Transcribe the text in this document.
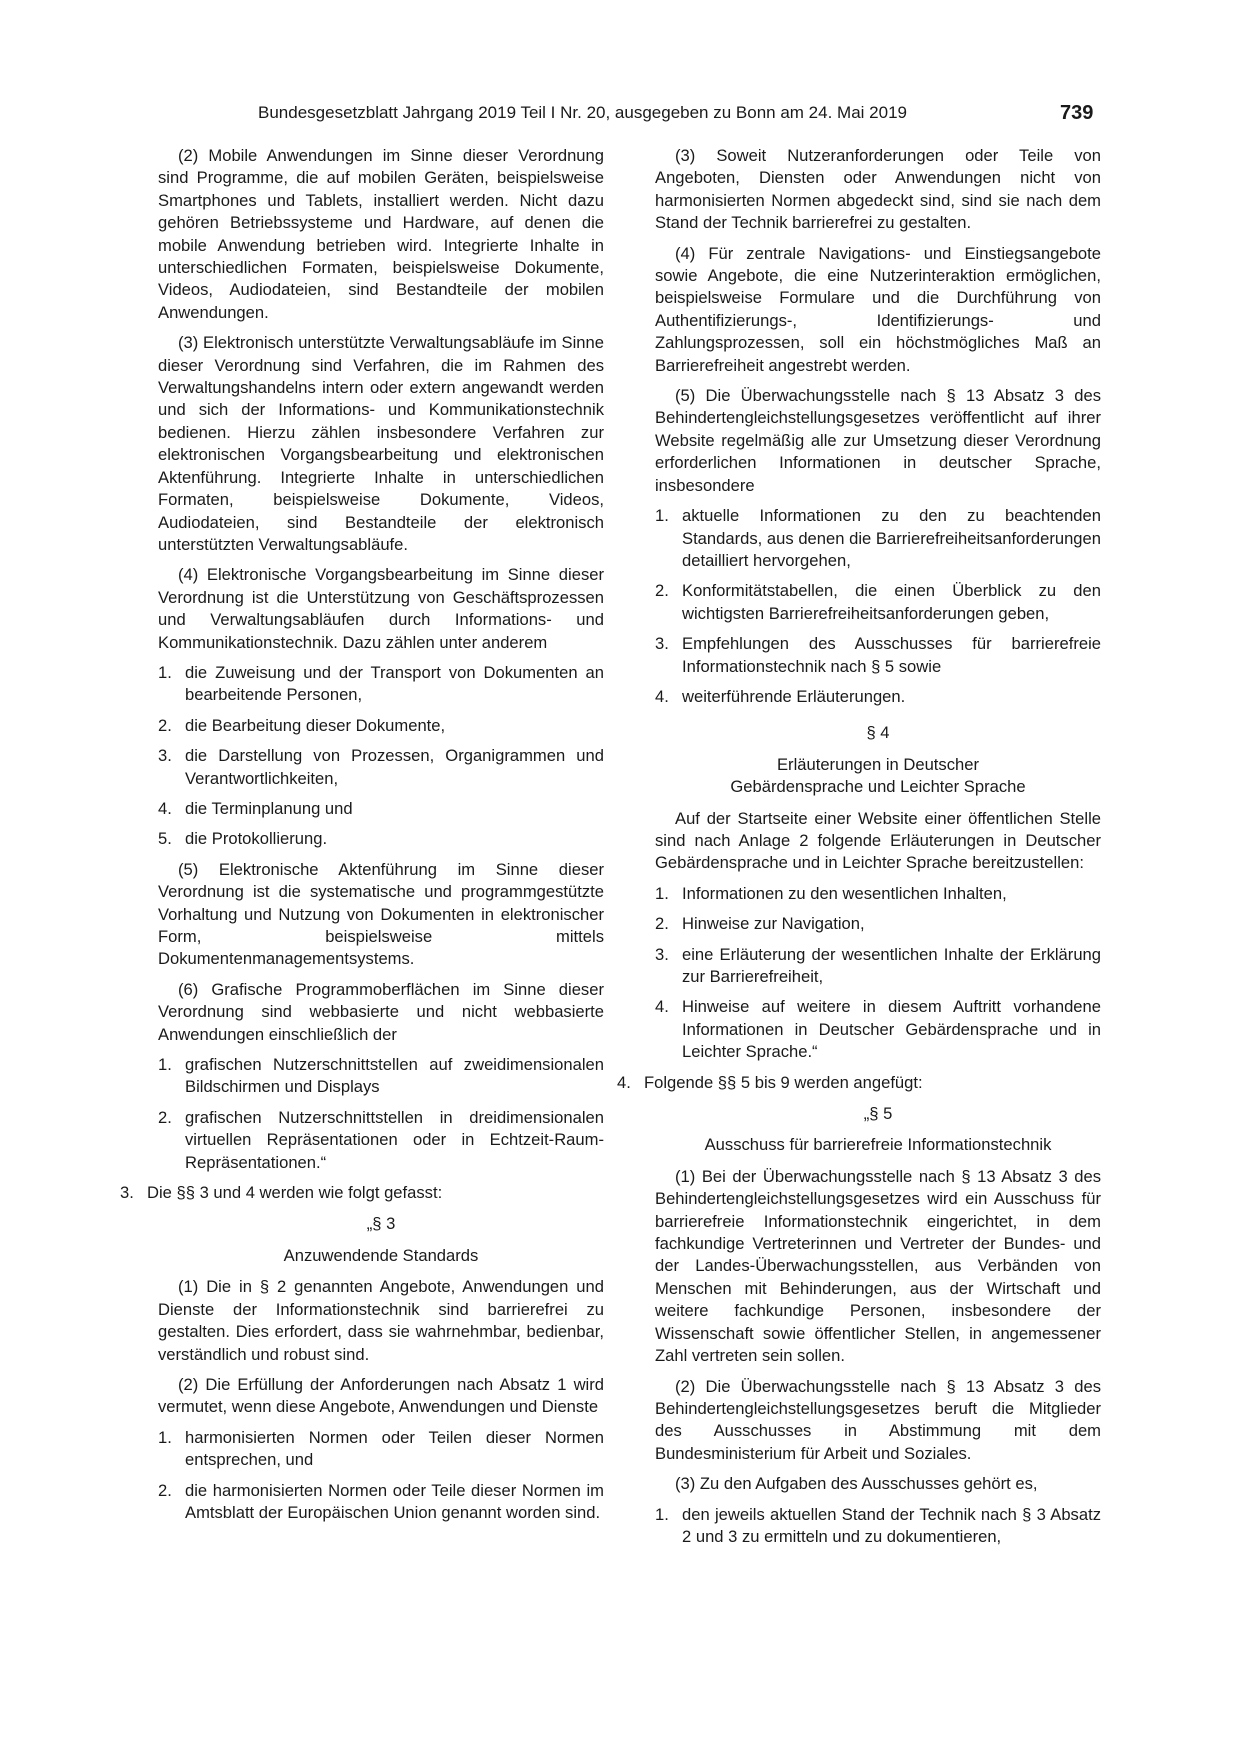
Bundesgesetzblatt Jahrgang 2019 Teil I Nr. 20, ausgegeben zu Bonn am 24. Mai 2019	739

(2) Mobile Anwendungen im Sinne dieser Verordnung sind Programme, die auf mobilen Geräten, beispielsweise Smartphones und Tablets, installiert werden. Nicht dazu gehören Betriebssysteme und Hardware, auf denen die mobile Anwendung betrieben wird. Integrierte Inhalte in unterschiedlichen Formaten, beispielsweise Dokumente, Videos, Audiodateien, sind Bestandteile der mobilen Anwendungen.

(3) Elektronisch unterstützte Verwaltungsabläufe im Sinne dieser Verordnung sind Verfahren, die im Rahmen des Verwaltungshandelns intern oder extern angewandt werden und sich der Informations- und Kommunikationstechnik bedienen. Hierzu zählen insbesondere Verfahren zur elektronischen Vorgangsbearbeitung und elektronischen Aktenführung. Integrierte Inhalte in unterschiedlichen Formaten, beispielsweise Dokumente, Videos, Audiodateien, sind Bestandteile der elektronisch unterstützten Verwaltungsabläufe.

(4) Elektronische Vorgangsbearbeitung im Sinne dieser Verordnung ist die Unterstützung von Geschäftsprozessen und Verwaltungsabläufen durch Informations- und Kommunikationstechnik. Dazu zählen unter anderem

1. die Zuweisung und der Transport von Dokumenten an bearbeitende Personen,
2. die Bearbeitung dieser Dokumente,
3. die Darstellung von Prozessen, Organigrammen und Verantwortlichkeiten,
4. die Terminplanung und
5. die Protokollierung.

(5) Elektronische Aktenführung im Sinne dieser Verordnung ist die systematische und programmgestützte Vorhaltung und Nutzung von Dokumenten in elektronischer Form, beispielsweise mittels Dokumentenmanagementsystems.

(6) Grafische Programmoberflächen im Sinne dieser Verordnung sind webbasierte und nicht webbasierte Anwendungen einschließlich der

1. grafischen Nutzerschnittstellen auf zweidimensionalen Bildschirmen und Displays
2. grafischen Nutzerschnittstellen in dreidimensionalen virtuellen Repräsentationen oder in Echtzeit-Raum-Repräsentationen.“
3. Die §§ 3 und 4 werden wie folgt gefasst:
„§ 3
Anzuwendende Standards

(1) Die in § 2 genannten Angebote, Anwendungen und Dienste der Informationstechnik sind barrierefrei zu gestalten. Dies erfordert, dass sie wahrnehmbar, bedienbar, verständlich und robust sind.

(2) Die Erfüllung der Anforderungen nach Absatz 1 wird vermutet, wenn diese Angebote, Anwendungen und Dienste

1. harmonisierten Normen oder Teilen dieser Normen entsprechen, und
2. die harmonisierten Normen oder Teile dieser Normen im Amtsblatt der Europäischen Union genannt worden sind.

(3) Soweit Nutzeranforderungen oder Teile von Angeboten, Diensten oder Anwendungen nicht von harmonisierten Normen abgedeckt sind, sind sie nach dem Stand der Technik barrierefrei zu gestalten.

(4) Für zentrale Navigations- und Einstiegsangebote sowie Angebote, die eine Nutzerinteraktion ermöglichen, beispielsweise Formulare und die Durchführung von Authentifizierungs-, Identifizierungs- und Zahlungsprozessen, soll ein höchstmögliches Maß an Barrierefreiheit angestrebt werden.

(5) Die Überwachungsstelle nach § 13 Absatz 3 des Behindertengleichstellungsgesetzes veröffentlicht auf ihrer Website regelmäßig alle zur Umsetzung dieser Verordnung erforderlichen Informationen in deutscher Sprache, insbesondere

1. aktuelle Informationen zu den zu beachtenden Standards, aus denen die Barrierefreiheitsanforderungen detailliert hervorgehen,
2. Konformitätstabellen, die einen Überblick zu den wichtigsten Barrierefreiheitsanforderungen geben,
3. Empfehlungen des Ausschusses für barrierefreie Informationstechnik nach § 5 sowie
4. weiterführende Erläuterungen.
§ 4
Erläuterungen in Deutscher
Gebärdensprache und Leichter Sprache

Auf der Startseite einer Website einer öffentlichen Stelle sind nach Anlage 2 folgende Erläuterungen in Deutscher Gebärdensprache und in Leichter Sprache bereitzustellen:

1. Informationen zu den wesentlichen Inhalten,
2. Hinweise zur Navigation,
3. eine Erläuterung der wesentlichen Inhalte der Erklärung zur Barrierefreiheit,
4. Hinweise auf weitere in diesem Auftritt vorhandene Informationen in Deutscher Gebärdensprache und in Leichter Sprache.“
4. Folgende §§ 5 bis 9 werden angefügt:
„§ 5
Ausschuss für barrierefreie Informationstechnik

(1) Bei der Überwachungsstelle nach § 13 Absatz 3 des Behindertengleichstellungsgesetzes wird ein Ausschuss für barrierefreie Informationstechnik eingerichtet, in dem fachkundige Vertreterinnen und Vertreter der Bundes- und der Landes-Überwachungsstellen, aus Verbänden von Menschen mit Behinderungen, aus der Wirtschaft und weitere fachkundige Personen, insbesondere der Wissenschaft sowie öffentlicher Stellen, in angemessener Zahl vertreten sein sollen.

(2) Die Überwachungsstelle nach § 13 Absatz 3 des Behindertengleichstellungsgesetzes beruft die Mitglieder des Ausschusses in Abstimmung mit dem Bundesministerium für Arbeit und Soziales.

(3) Zu den Aufgaben des Ausschusses gehört es,

1. den jeweils aktuellen Stand der Technik nach § 3 Absatz 2 und 3 zu ermitteln und zu dokumentieren,
